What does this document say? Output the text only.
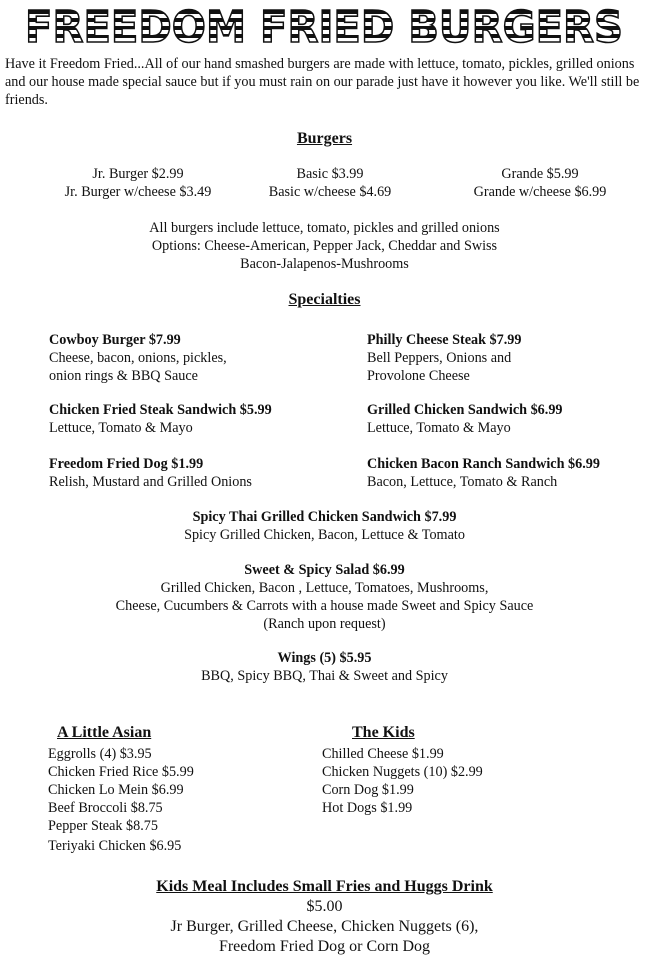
FREEDOM FRIED BURGERS
Have it Freedom Fried...All of our hand smashed burgers are made with lettuce, tomato, pickles, grilled onions and our house made special sauce but if you must rain on our parade just have it however you like. We'll still be friends.
Burgers
Jr. Burger $2.99
Jr. Burger w/cheese $3.49
Basic $3.99
Basic w/cheese $4.69
Grande $5.99
Grande w/cheese $6.99
All burgers include lettuce, tomato, pickles and grilled onions
Options: Cheese-American, Pepper Jack, Cheddar and Swiss
Bacon-Jalapenos-Mushrooms
Specialties
Cowboy Burger $7.99
Cheese, bacon, onions, pickles,
onion rings & BBQ Sauce
Philly Cheese Steak $7.99
Bell Peppers, Onions and
Provolone Cheese
Chicken Fried Steak Sandwich $5.99
Lettuce, Tomato & Mayo
Grilled Chicken Sandwich $6.99
Lettuce, Tomato & Mayo
Freedom Fried Dog $1.99
Relish, Mustard and Grilled Onions
Chicken Bacon Ranch Sandwich $6.99
Bacon, Lettuce, Tomato & Ranch
Spicy Thai Grilled Chicken Sandwich $7.99
Spicy Grilled Chicken, Bacon, Lettuce & Tomato
Sweet & Spicy Salad $6.99
Grilled Chicken, Bacon , Lettuce, Tomatoes, Mushrooms,
Cheese, Cucumbers & Carrots with a house made Sweet and Spicy Sauce
(Ranch upon request)
Wings (5) $5.95
BBQ, Spicy BBQ, Thai & Sweet and Spicy
A Little Asian
Eggrolls (4) $3.95
Chicken Fried Rice $5.99
Chicken Lo Mein $6.99
Beef Broccoli $8.75
Pepper Steak $8.75
Teriyaki Chicken $6.95
The Kids
Chilled Cheese $1.99
Chicken Nuggets (10) $2.99
Corn Dog $1.99
Hot Dogs $1.99
Kids Meal Includes Small Fries and Huggs Drink
$5.00
Jr Burger, Grilled Cheese, Chicken Nuggets (6),
Freedom Fried Dog or Corn Dog
